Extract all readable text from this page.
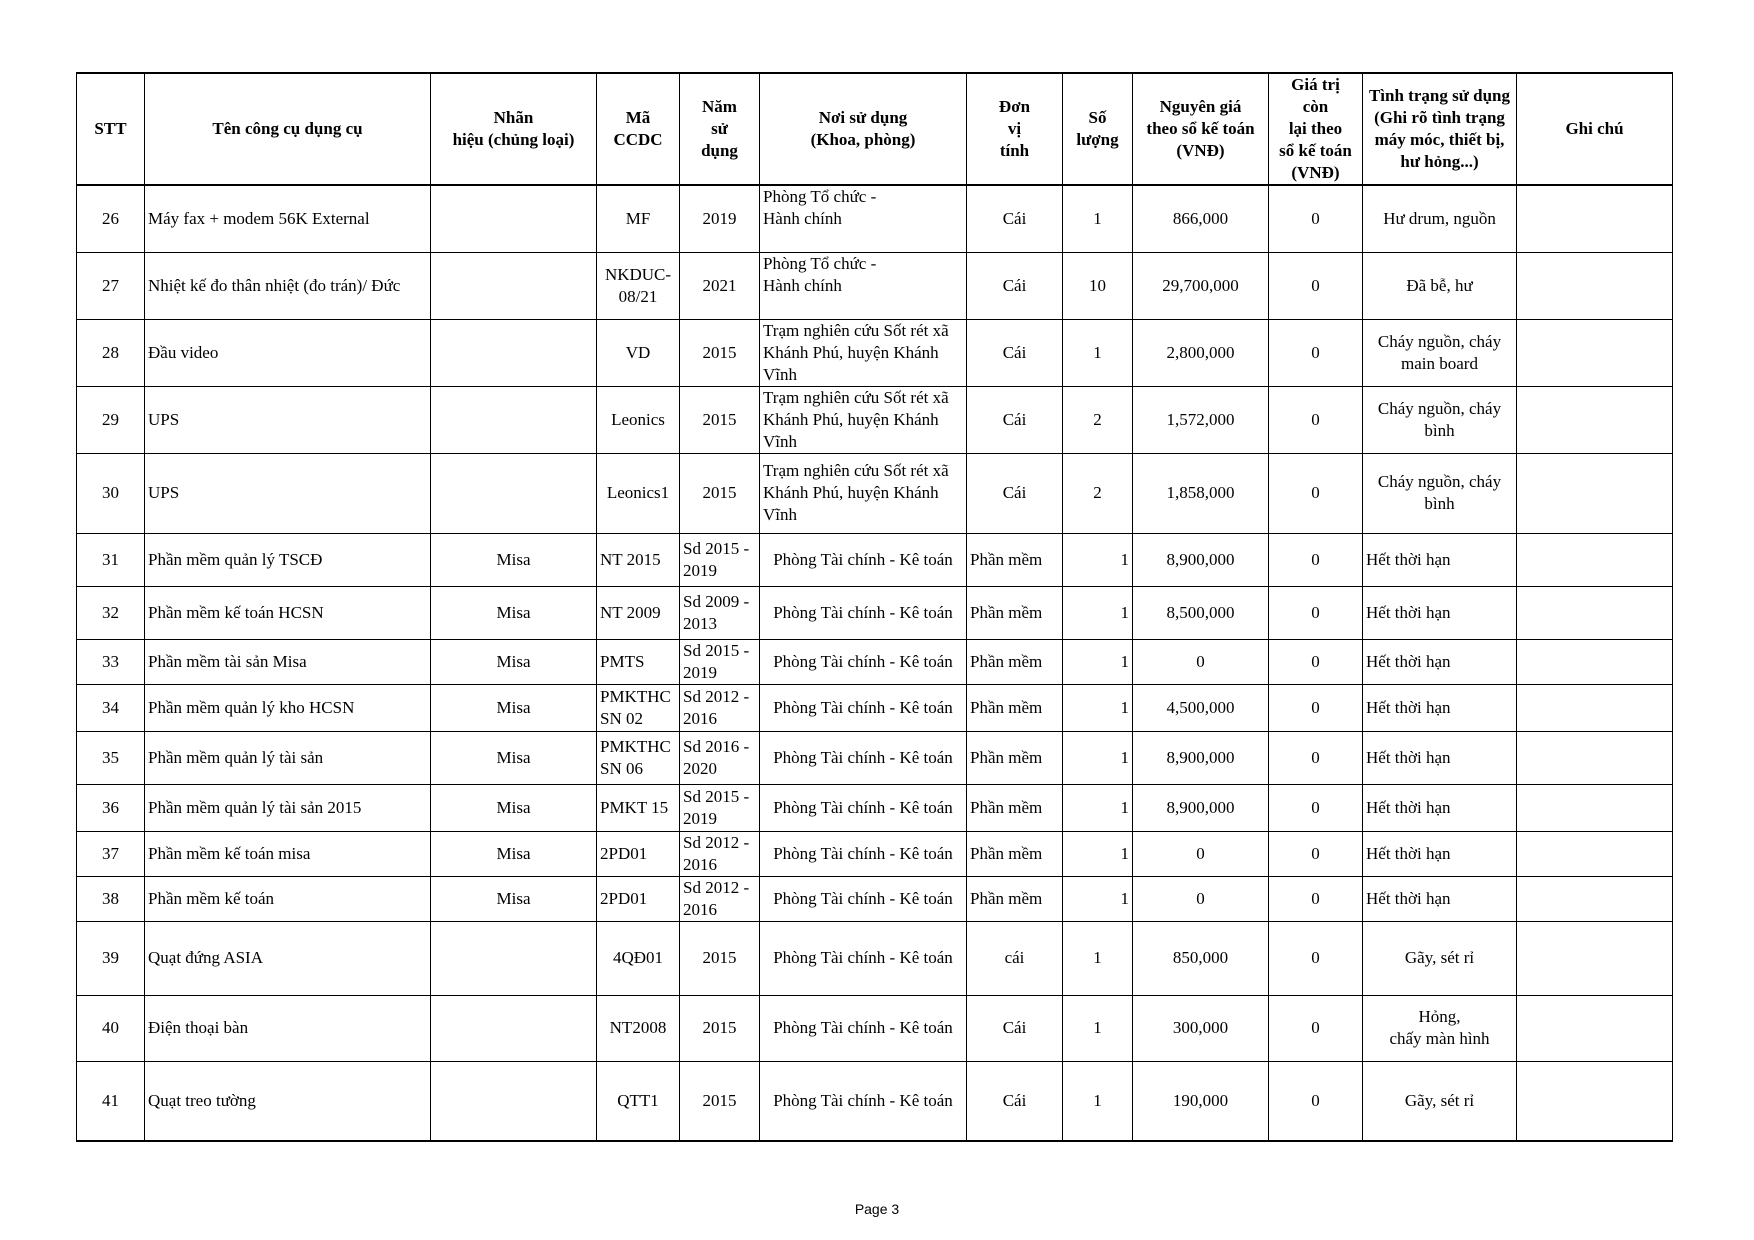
STT	Tên công cụ dụng cụ	Nhãn
hiệu (chủng loại)	Mã
CCDC	Năm
sử
dụng	Nơi sử dụng
(Khoa, phòng)	Đơn
vị
tính	Số
lượng	Nguyên giá
theo sổ kế toán
(VNĐ)	Giá trị
còn
lại theo
sổ kế toán
(VNĐ)	Tình trạng sử dụng
(Ghi rõ tình trạng
máy móc, thiết bị,
hư hỏng...)	Ghi chú
26	Máy fax + modem 56K External		MF	2019	Phòng Tổ chức -
Hành chính	Cái	1	866,000	0	Hư drum, nguồn	
27	Nhiệt kế đo thân nhiệt (đo trán)/ Đức		NKDUC-
08/21	2021	Phòng Tổ chức -
Hành chính	Cái	10	29,700,000	0	Đã bễ, hư	
28	Đầu video		VD	2015	Trạm nghiên cứu Sốt rét xã
Khánh Phú, huyện Khánh
Vĩnh	Cái	1	2,800,000	0	Cháy nguồn, cháy
main board	
29	UPS		Leonics	2015	Trạm nghiên cứu Sốt rét xã
Khánh Phú, huyện Khánh
Vĩnh	Cái	2	1,572,000	0	Cháy nguồn, cháy
bình	
30	UPS		Leonics1	2015	Trạm nghiên cứu Sốt rét xã
Khánh Phú, huyện Khánh
Vĩnh	Cái	2	1,858,000	0	Cháy nguồn, cháy
bình	
31	Phần mềm quản lý TSCĐ	Misa	NT 2015	Sd 2015 -
2019	Phòng Tài chính - Kê toán	Phần mềm	1	8,900,000	0	Hết thời hạn	
32	Phần mềm kế toán HCSN	Misa	NT 2009	Sd 2009 -
2013	Phòng Tài chính - Kê toán	Phần mềm	1	8,500,000	0	Hết thời hạn	
33	Phần mềm tài sản Misa	Misa	PMTS	Sd 2015 -
2019	Phòng Tài chính - Kê toán	Phần mềm	1	0	0	Hết thời hạn	
34	Phần mềm quản lý kho HCSN	Misa	PMKTHC
SN 02	Sd 2012 -
2016	Phòng Tài chính - Kê toán	Phần mềm	1	4,500,000	0	Hết thời hạn	
35	Phần mềm quản lý tài sản	Misa	PMKTHC
SN 06	Sd 2016 -
2020	Phòng Tài chính - Kê toán	Phần mềm	1	8,900,000	0	Hết thời hạn	
36	Phần mềm quản lý tài sản 2015	Misa	PMKT 15	Sd 2015 -
2019	Phòng Tài chính - Kê toán	Phần mềm	1	8,900,000	0	Hết thời hạn	
37	Phần mềm kế toán misa	Misa	2PD01	Sd 2012 -
2016	Phòng Tài chính - Kê toán	Phần mềm	1	0	0	Hết thời hạn	
38	Phần mềm kế toán	Misa	2PD01	Sd 2012 -
2016	Phòng Tài chính - Kê toán	Phần mềm	1	0	0	Hết thời hạn	
39	Quạt đứng ASIA		4QĐ01	2015	Phòng Tài chính - Kê toán	cái	1	850,000	0	Gãy, sét rỉ	
40	Điện thoại bàn		NT2008	2015	Phòng Tài chính - Kê toán	Cái	1	300,000	0	Hỏng,
chấy màn hình	
41	Quạt treo tường		QTT1	2015	Phòng Tài chính - Kê toán	Cái	1	190,000	0	Gãy, sét rỉ	
Page 3
